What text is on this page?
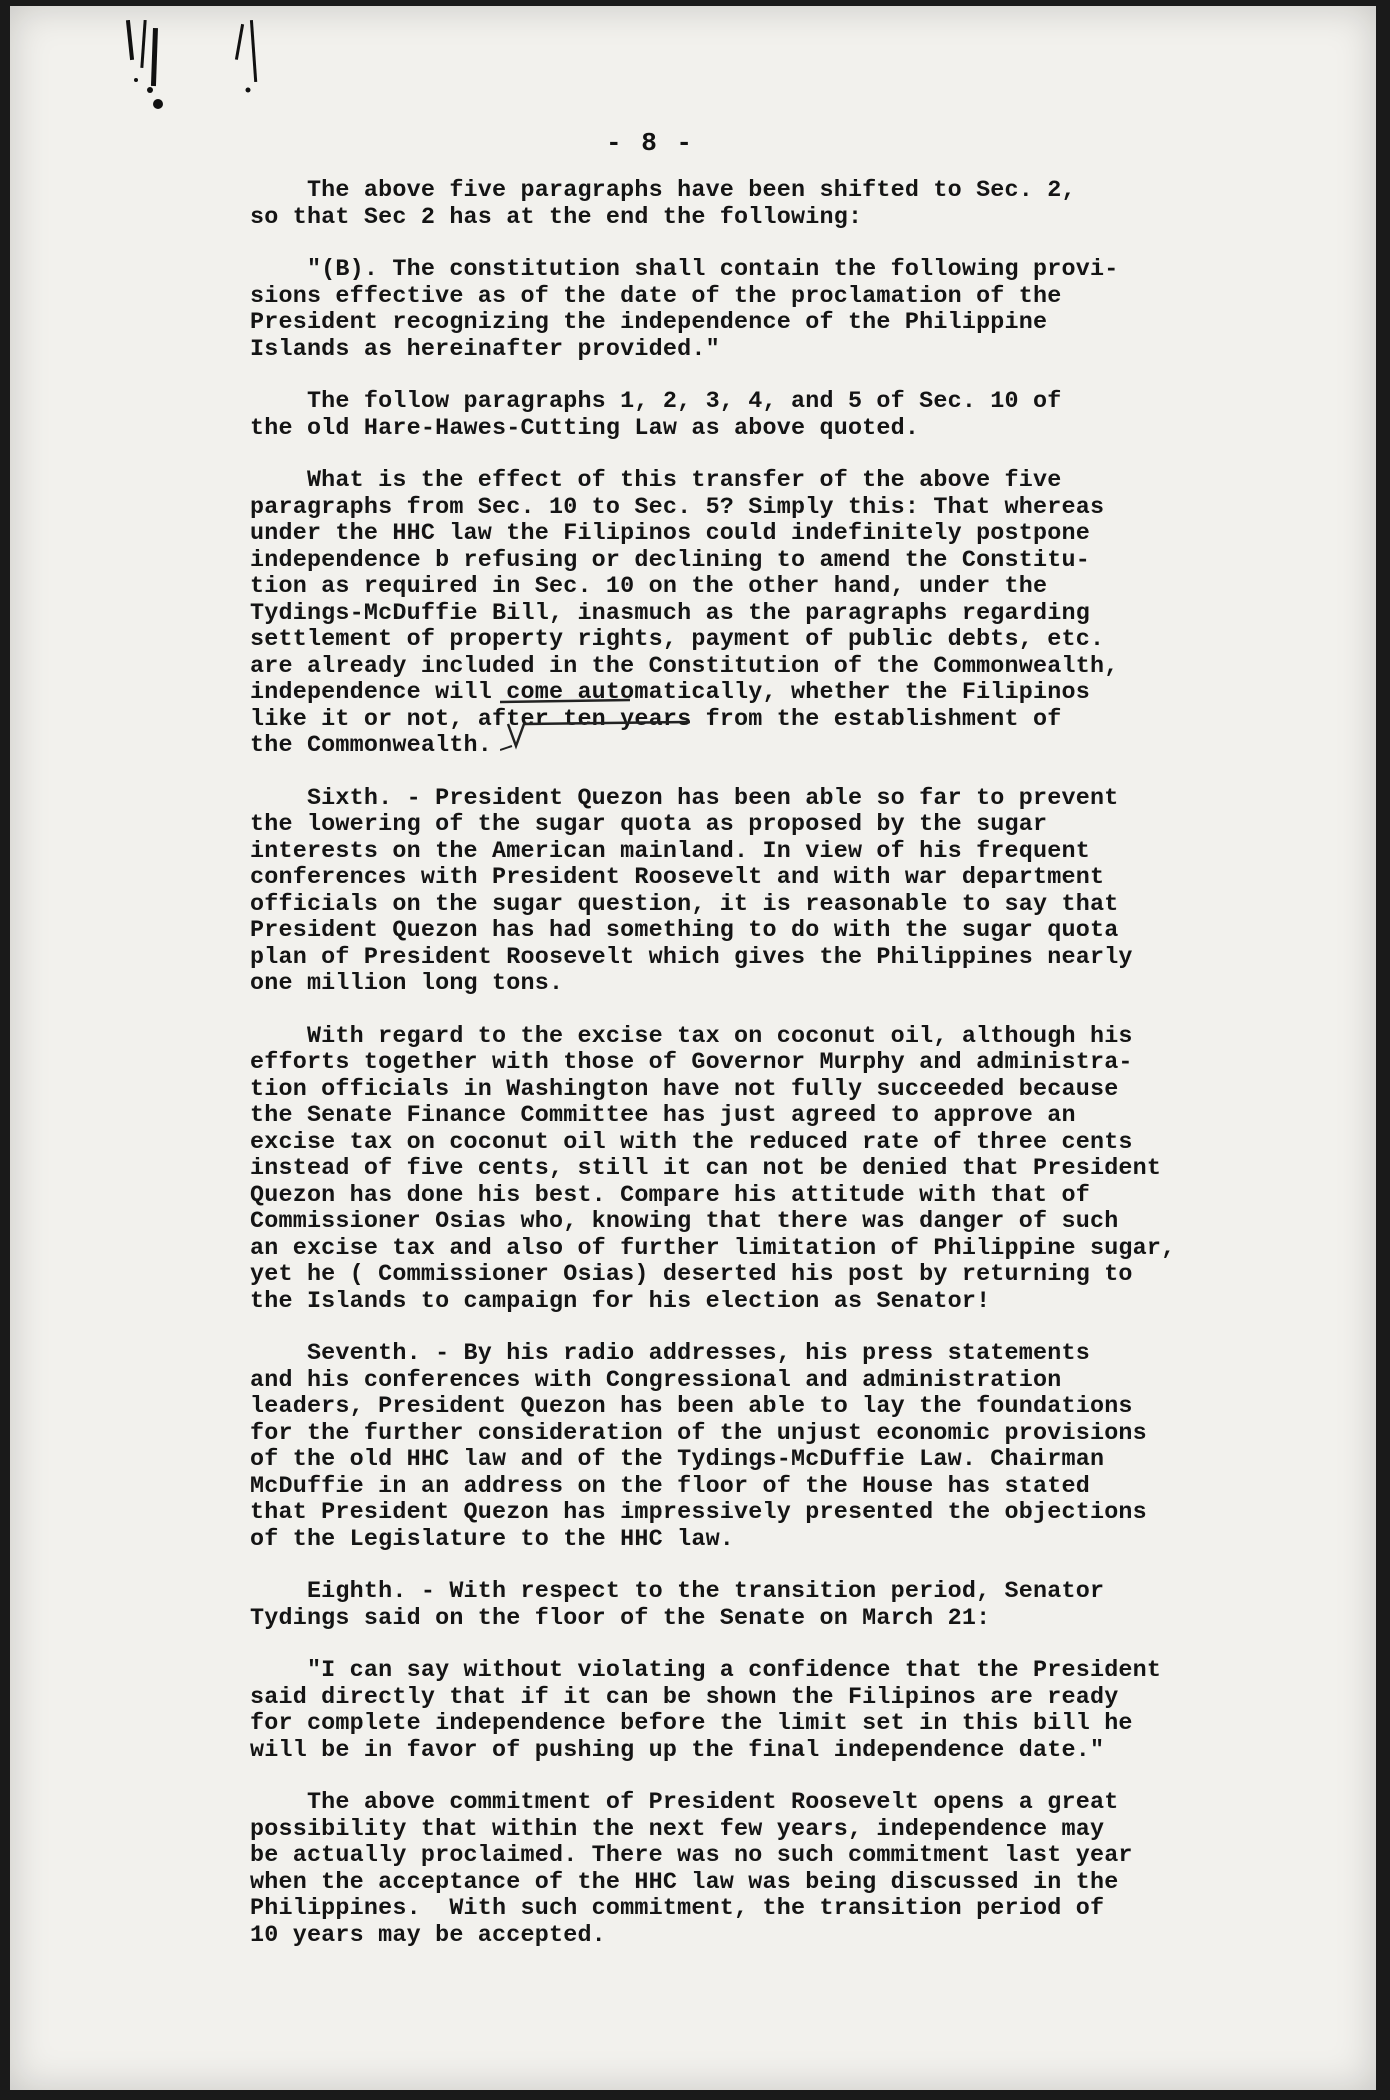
- 8 -
The above five paragraphs have been shifted to Sec. 2,
so that Sec 2 has at the end the following:
"(B). The constitution shall contain the following provi-
sions effective as of the date of the proclamation of the
President recognizing the independence of the Philippine
Islands as hereinafter provided."
The follow paragraphs 1, 2, 3, 4, and 5 of Sec. 10 of
the old Hare-Hawes-Cutting Law as above quoted.
What is the effect of this transfer of the above five
paragraphs from Sec. 10 to Sec. 5? Simply this: That whereas
under the HHC law the Filipinos could indefinitely postpone
independence b refusing or declining to amend the Constitu-
tion as required in Sec. 10 on the other hand, under the
Tydings-McDuffie Bill, inasmuch as the paragraphs regarding
settlement of property rights, payment of public debts, etc.
are already included in the Constitution of the Commonwealth,
independence will come automatically, whether the Filipinos
like it or not, after ten years from the establishment of
the Commonwealth.
Sixth. - President Quezon has been able so far to prevent
the lowering of the sugar quota as proposed by the sugar
interests on the American mainland. In view of his frequent
conferences with President Roosevelt and with war department
officials on the sugar question, it is reasonable to say that
President Quezon has had something to do with the sugar quota
plan of President Roosevelt which gives the Philippines nearly
one million long tons.
With regard to the excise tax on coconut oil, although his
efforts together with those of Governor Murphy and administra-
tion officials in Washington have not fully succeeded because
the Senate Finance Committee has just agreed to approve an
excise tax on coconut oil with the reduced rate of three cents
instead of five cents, still it can not be denied that President
Quezon has done his best. Compare his attitude with that of
Commissioner Osias who, knowing that there was danger of such
an excise tax and also of further limitation of Philippine sugar,
yet he ( Commissioner Osias) deserted his post by returning to
the Islands to campaign for his election as Senator!
Seventh. - By his radio addresses, his press statements
and his conferences with Congressional and administration
leaders, President Quezon has been able to lay the foundations
for the further consideration of the unjust economic provisions
of the old HHC law and of the Tydings-McDuffie Law. Chairman
McDuffie in an address on the floor of the House has stated
that President Quezon has impressively presented the objections
of the Legislature to the HHC law.
Eighth. - With respect to the transition period, Senator
Tydings said on the floor of the Senate on March 21:
"I can say without violating a confidence that the President
said directly that if it can be shown the Filipinos are ready
for complete independence before the limit set in this bill he
will be in favor of pushing up the final independence date."
The above commitment of President Roosevelt opens a great
possibility that within the next few years, independence may
be actually proclaimed. There was no such commitment last year
when the acceptance of the HHC law was being discussed in the
Philippines.  With such commitment, the transition period of
10 years may be accepted.
